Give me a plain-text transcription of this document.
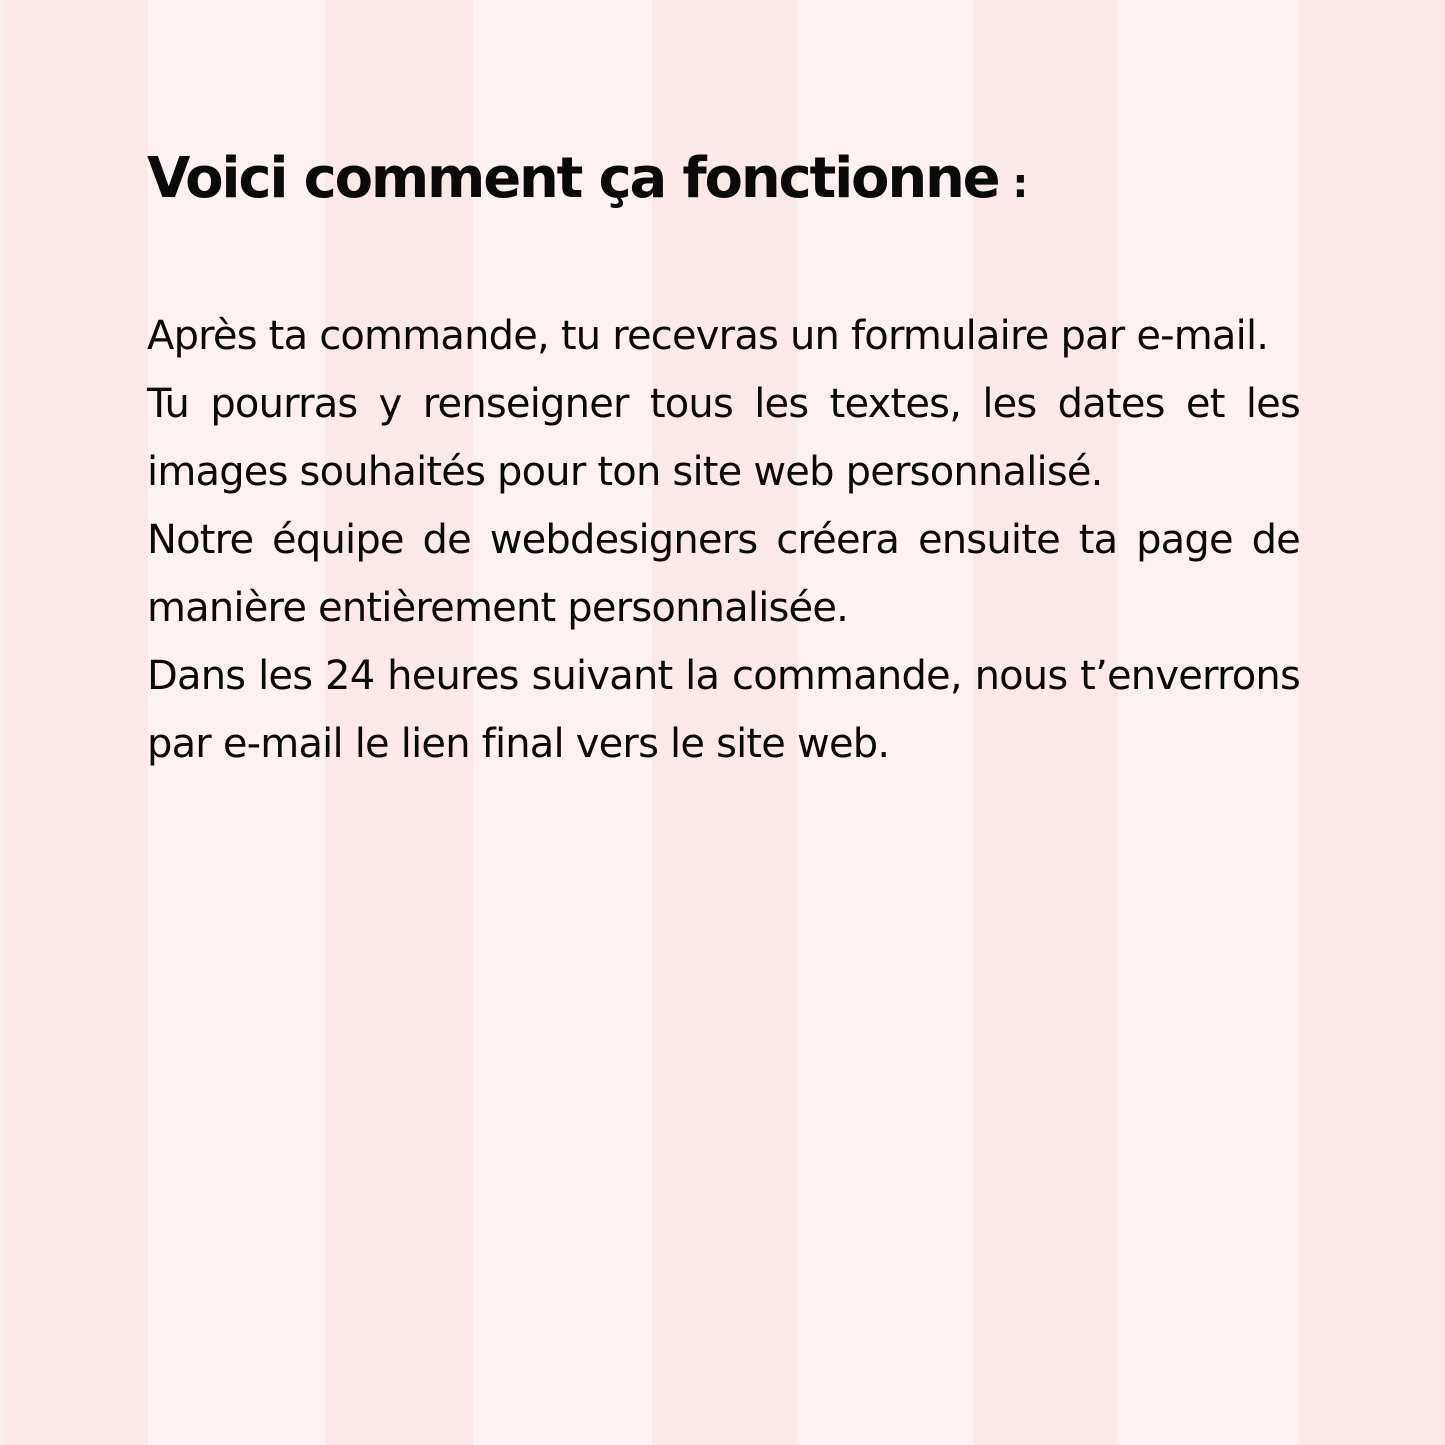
Voici comment ça fonctionne :

Après ta commande, tu recevras un formulaire par e-mail.

Tu pourras y renseigner tous les textes, les dates et les images souhaités pour ton site web personnalisé.

Notre équipe de webdesigners créera ensuite ta page de manière entièrement personnalisée.

Dans les 24 heures suivant la commande, nous t’enverrons par e-mail le lien final vers le site web.
